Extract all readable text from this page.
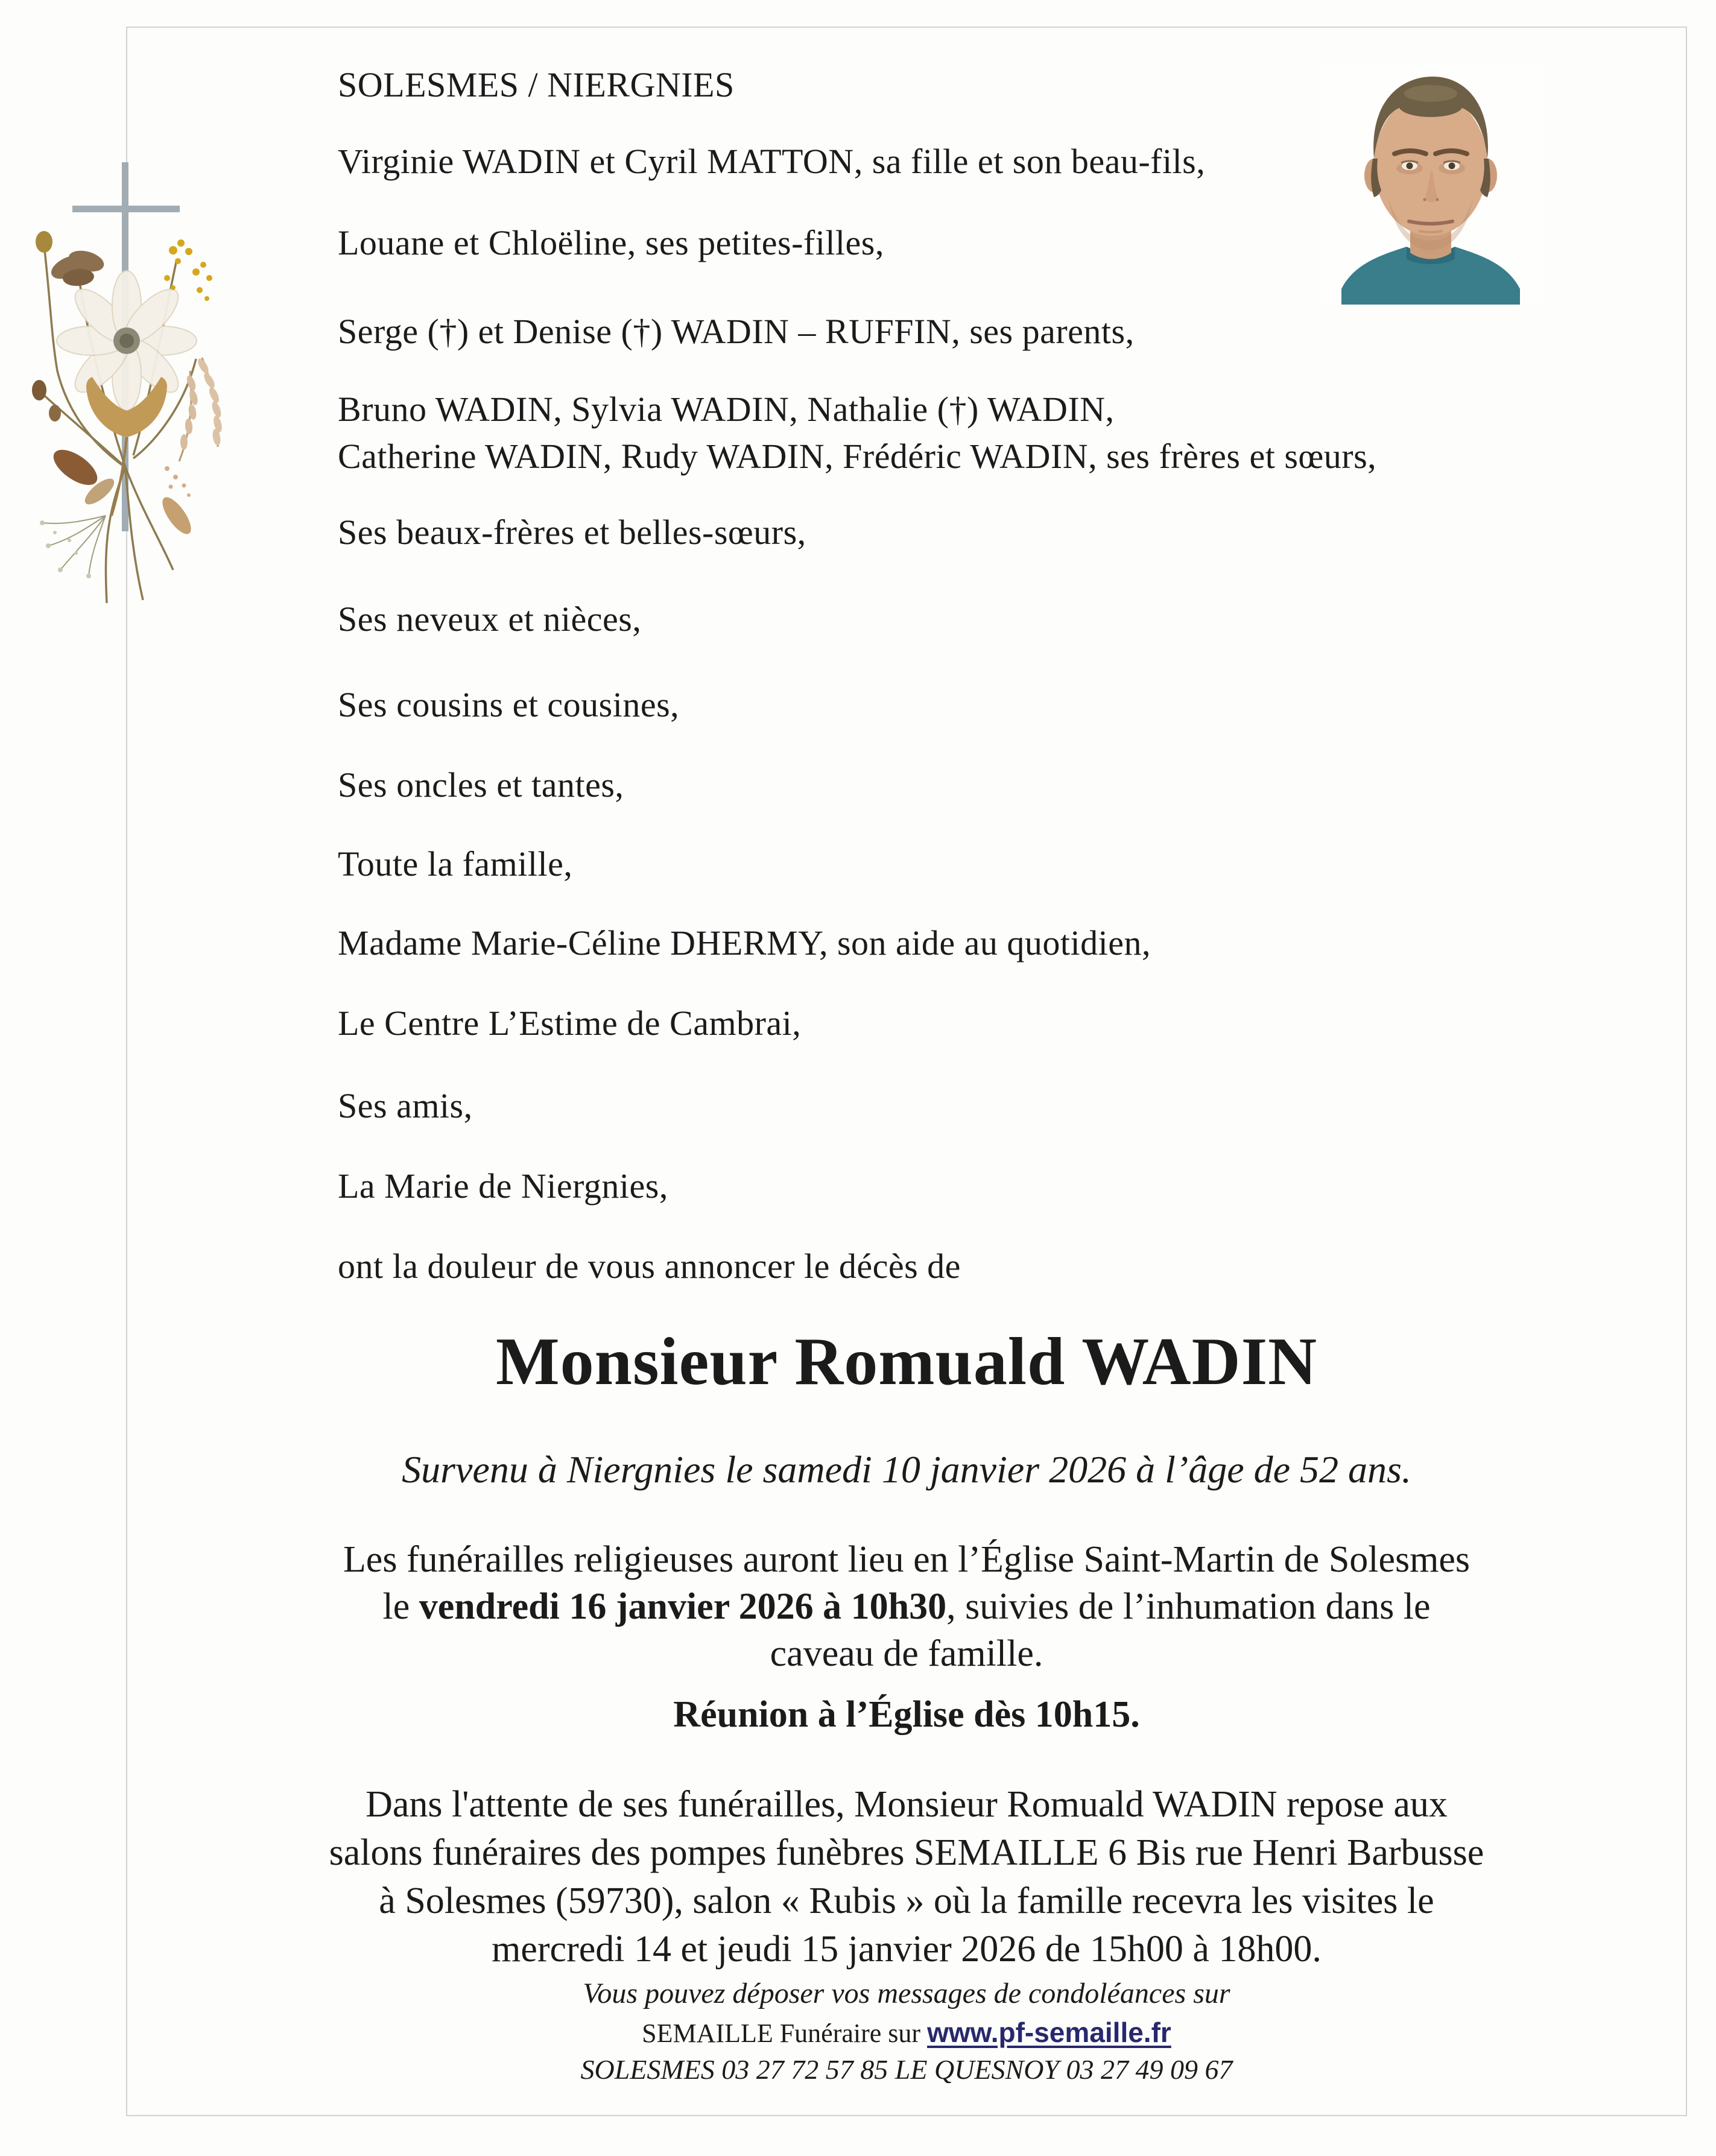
SOLESMES / NIERGNIES
Virginie WADIN et Cyril MATTON, sa fille et son beau-fils,
Louane et Chloëline, ses petites-filles,
Serge (†) et Denise (†) WADIN – RUFFIN, ses parents,
Bruno WADIN, Sylvia WADIN, Nathalie (†) WADIN,
Catherine WADIN, Rudy WADIN, Frédéric WADIN, ses frères et sœurs,
Ses beaux-frères et belles-sœurs,
Ses neveux et nièces,
Ses cousins et cousines,
Ses oncles et tantes,
Toute la famille,
Madame Marie-Céline DHERMY, son aide au quotidien,
Le Centre L’Estime de Cambrai,
Ses amis,
La Marie de Niergnies,
ont la douleur de vous annoncer le décès de
Monsieur Romuald WADIN
Survenu à Niergnies le samedi 10 janvier 2026 à l’âge de 52 ans.
Les funérailles religieuses auront lieu en l’Église Saint-Martin de Solesmes
le vendredi 16 janvier 2026 à 10h30, suivies de l’inhumation dans le
caveau de famille.
Réunion à l’Église dès 10h15.
Dans l'attente de ses funérailles, Monsieur Romuald WADIN repose aux
salons funéraires des pompes funèbres SEMAILLE 6 Bis rue Henri Barbusse
à Solesmes (59730), salon « Rubis » où la famille recevra les visites le
mercredi 14 et jeudi 15 janvier 2026 de 15h00 à 18h00.
Vous pouvez déposer vos messages de condoléances sur
SEMAILLE Funéraire sur www.pf-semaille.fr
SOLESMES 03 27 72 57 85 LE QUESNOY 03 27 49 09 67
